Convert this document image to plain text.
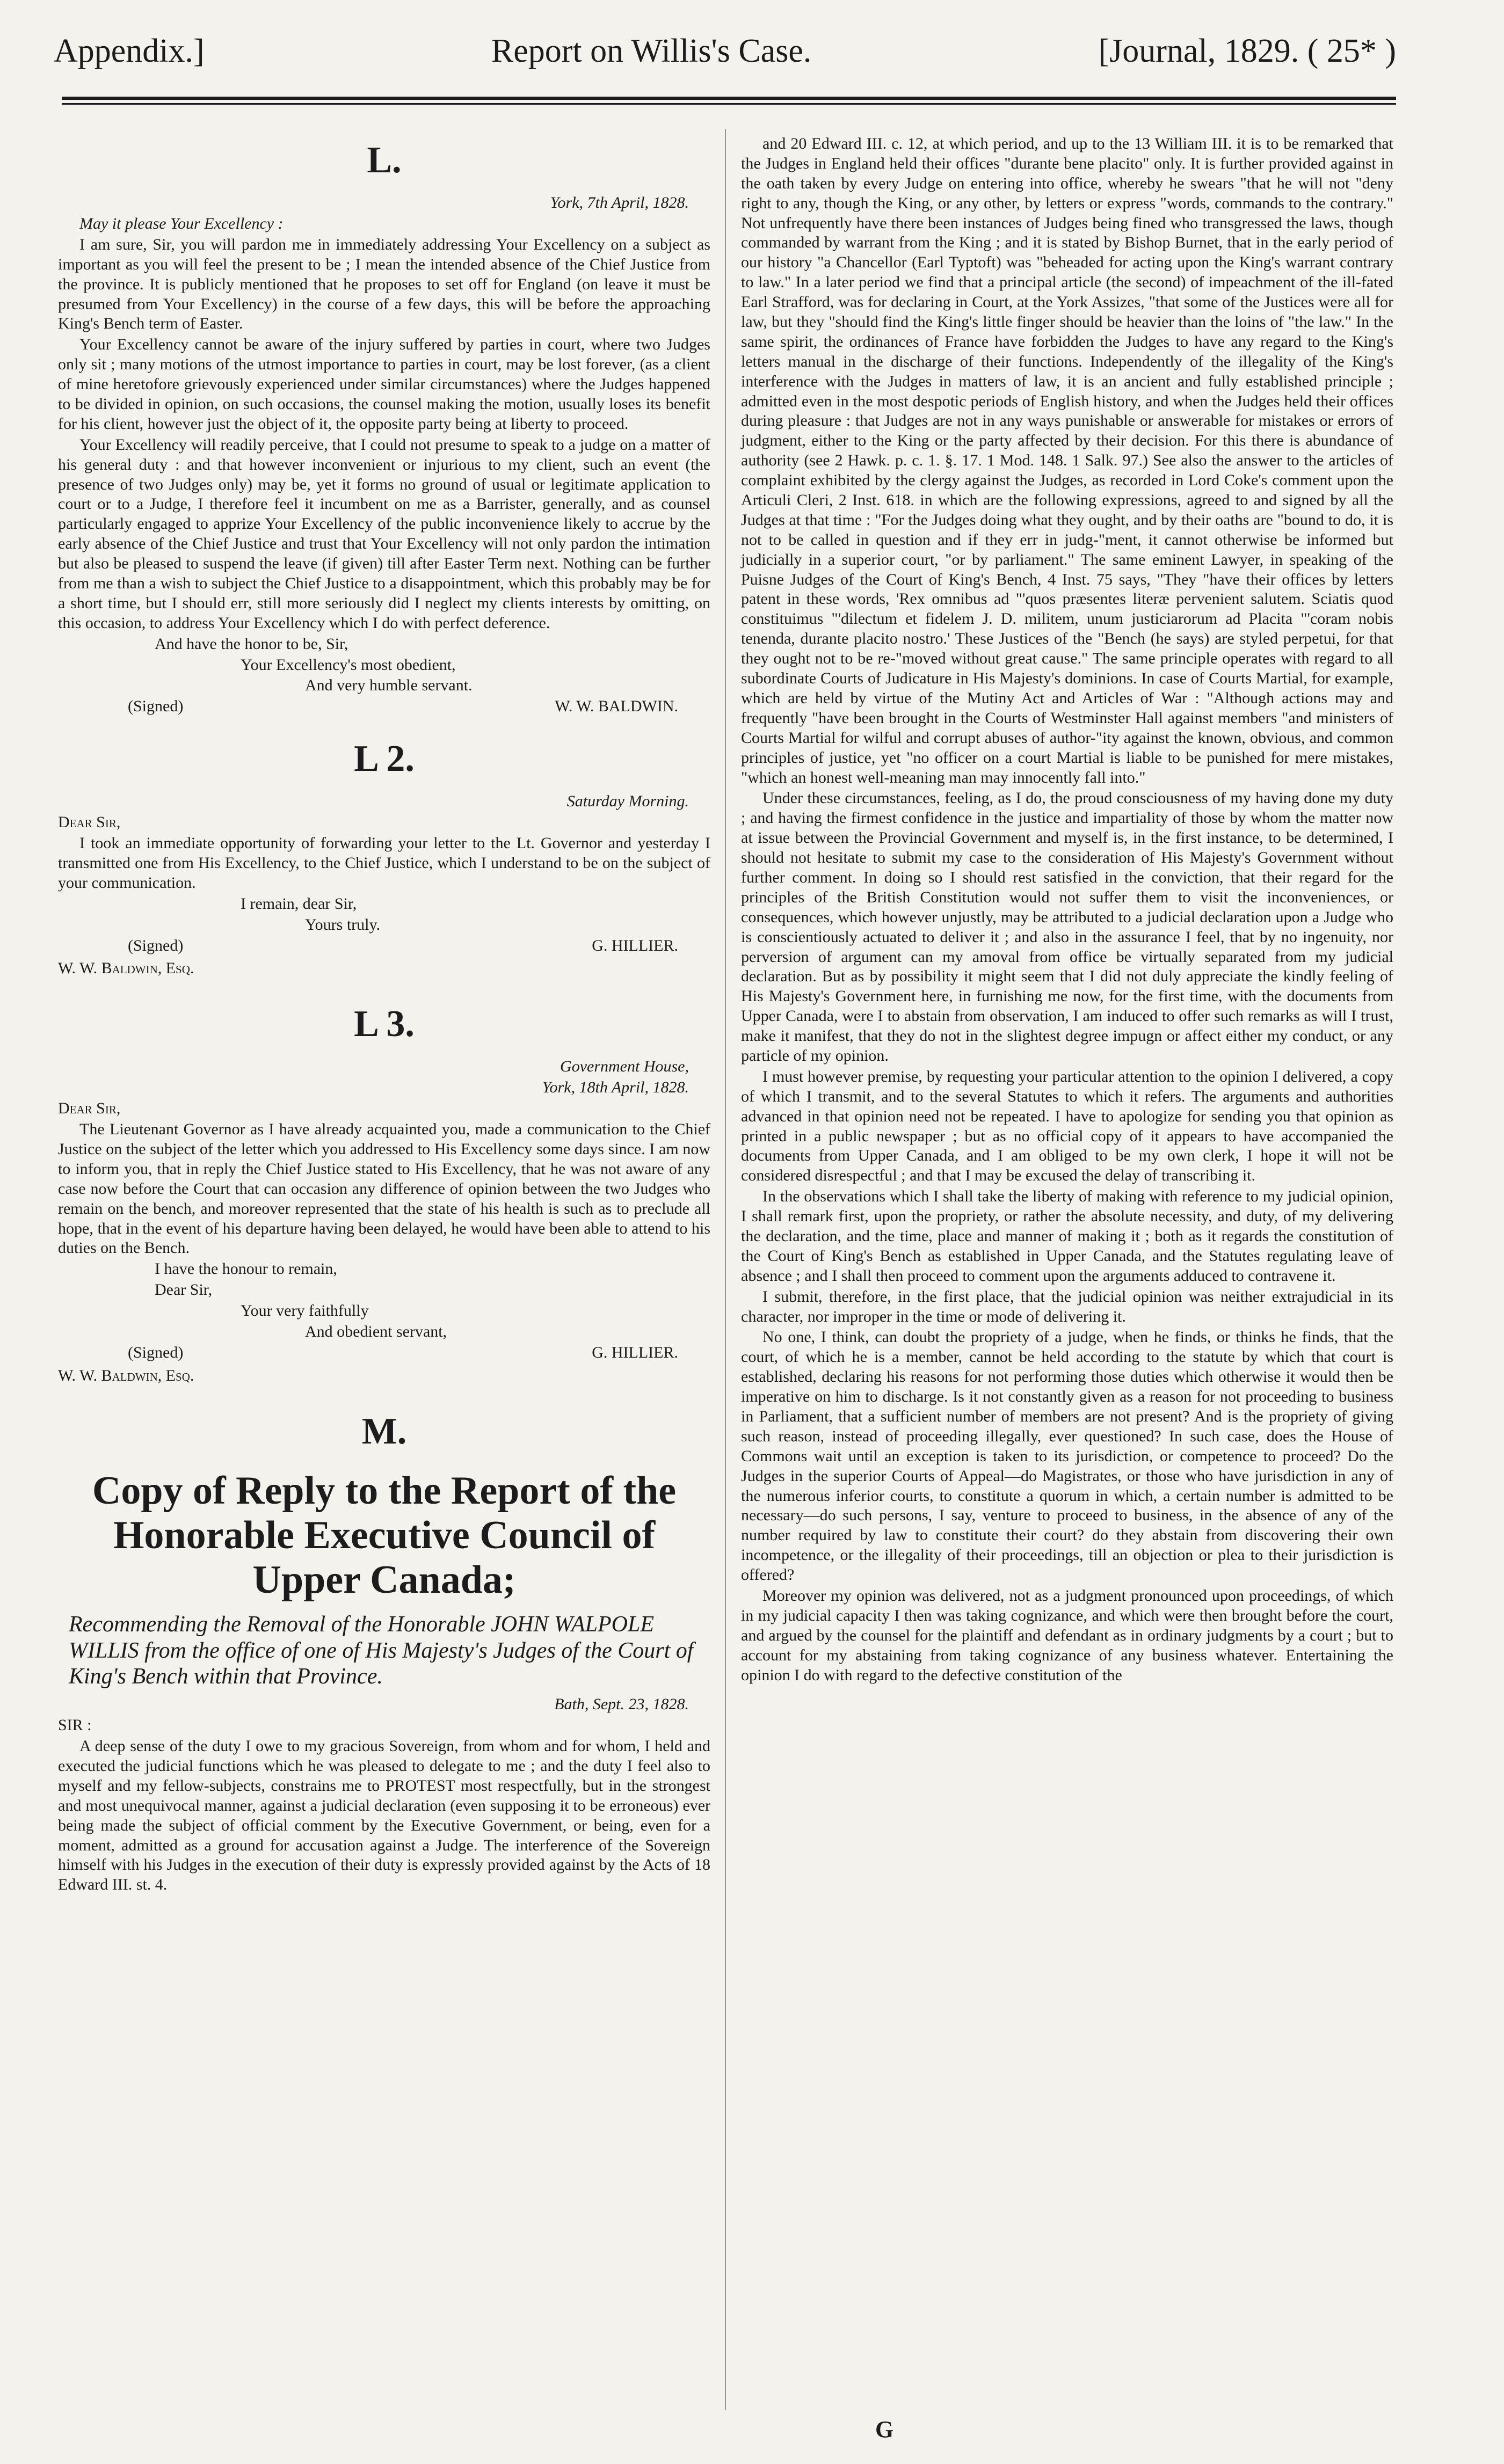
Appendix.]	Report on Willis's Case.	[Journal, 1829. ( 25* )
L.

York, 7th April, 1828.

May it please Your Excellency :

I am sure, Sir, you will pardon me in immediately addressing Your Excellency on a subject as important as you will feel the present to be ; I mean the intended absence of the Chief Justice from the province. It is publicly mentioned that he proposes to set off for England (on leave it must be presumed from Your Excellency) in the course of a few days, this will be before the approaching King's Bench term of Easter.

Your Excellency cannot be aware of the injury suffered by parties in court, where two Judges only sit ; many motions of the utmost importance to parties in court, may be lost forever, (as a client of mine heretofore grievously experienced under similar circumstances) where the Judges happened to be divided in opinion, on such occasions, the counsel making the motion, usually loses its benefit for his client, however just the object of it, the opposite party being at liberty to proceed.

Your Excellency will readily perceive, that I could not presume to speak to a judge on a matter of his general duty : and that however inconvenient or injurious to my client, such an event (the presence of two Judges only) may be, yet it forms no ground of usual or legitimate application to court or to a Judge, I therefore feel it incumbent on me as a Barrister, generally, and as counsel particularly engaged to apprize Your Excellency of the public inconvenience likely to accrue by the early absence of the Chief Justice and trust that Your Excellency will not only pardon the intimation but also be pleased to suspend the leave (if given) till after Easter Term next. Nothing can be further from me than a wish to subject the Chief Justice to a disappointment, which this probably may be for a short time, but I should err, still more seriously did I neglect my clients interests by omitting, on this occasion, to address Your Excellency which I do with perfect deference.

And have the honor to be, Sir,

Your Excellency's most obedient,

And very humble servant.

(Signed)	W. W. BALDWIN.
L 2.

Saturday Morning.

Dear Sir,

I took an immediate opportunity of forwarding your letter to the Lt. Governor and yesterday I transmitted one from His Excellency, to the Chief Justice, which I understand to be on the subject of your communication.

I remain, dear Sir,

Yours truly.

(Signed)	G. HILLIER.

W. W. Baldwin, Esq.

L 3.

Government House,

York, 18th April, 1828.

Dear Sir,

The Lieutenant Governor as I have already acquainted you, made a communication to the Chief Justice on the subject of the letter which you addressed to His Excellency some days since. I am now to inform you, that in reply the Chief Justice stated to His Excellency, that he was not aware of any case now before the Court that can occasion any difference of opinion between the two Judges who remain on the bench, and moreover represented that the state of his health is such as to preclude all hope, that in the event of his departure having been delayed, he would have been able to attend to his duties on the Bench.

I have the honour to remain,

Dear Sir,

Your very faithfully

And obedient servant,

(Signed)	G. HILLIER.

W. W. Baldwin, Esq.

M.
Copy of Reply to the Report of the Honorable Executive Council of Upper Canada;

Recommending the Removal of the Honorable JOHN WALPOLE WILLIS from the office of one of His Majesty's Judges of the Court of King's Bench within that Province.

Bath, Sept. 23, 1828.

SIR :

A deep sense of the duty I owe to my gracious Sovereign, from whom and for whom, I held and executed the judicial functions which he was pleased to delegate to me ; and the duty I feel also to myself and my fellow-subjects, constrains me to PROTEST most respectfully, but in the strongest and most unequivocal manner, against a judicial declaration (even supposing it to be erroneous) ever being made the subject of official comment by the Executive Government, or being, even for a moment, admitted as a ground for accusation against a Judge. The interference of the Sovereign himself with his Judges in the execution of their duty is expressly provided against by the Acts of 18 Edward III. st. 4.

and 20 Edward III. c. 12, at which period, and up to the 13 William III. it is to be remarked that the Judges in England held their offices "durante bene placito" only. It is further provided against in the oath taken by every Judge on entering into office, whereby he swears "that he will not "deny right to any, though the King, or any other, by letters or express "words, commands to the contrary." Not unfrequently have there been instances of Judges being fined who transgressed the laws, though commanded by warrant from the King ; and it is stated by Bishop Burnet, that in the early period of our history "a Chancellor (Earl Typtoft) was "beheaded for acting upon the King's warrant contrary to law." In a later period we find that a principal article (the second) of impeachment of the ill-fated Earl Strafford, was for declaring in Court, at the York Assizes, "that some of the Justices were all for law, but they "should find the King's little finger should be heavier than the loins of "the law." In the same spirit, the ordinances of France have forbidden the Judges to have any regard to the King's letters manual in the discharge of their functions. Independently of the illegality of the King's interference with the Judges in matters of law, it is an ancient and fully established principle ; admitted even in the most despotic periods of English history, and when the Judges held their offices during pleasure : that Judges are not in any ways punishable or answerable for mistakes or errors of judgment, either to the King or the party affected by their decision. For this there is abundance of authority (see 2 Hawk. p. c. 1. §. 17. 1 Mod. 148. 1 Salk. 97.) See also the answer to the articles of complaint exhibited by the clergy against the Judges, as recorded in Lord Coke's comment upon the Articuli Cleri, 2 Inst. 618. in which are the following expressions, agreed to and signed by all the Judges at that time : "For the Judges doing what they ought, and by their oaths are "bound to do, it is not to be called in question and if they err in judg-"ment, it cannot otherwise be informed but judicially in a superior court, "or by parliament." The same eminent Lawyer, in speaking of the Puisne Judges of the Court of King's Bench, 4 Inst. 75 says, "They "have their offices by letters patent in these words, 'Rex omnibus ad "'quos præsentes literæ pervenient salutem. Sciatis quod constituimus "'dilectum et fidelem J. D. militem, unum justiciarorum ad Placita "'coram nobis tenenda, durante placito nostro.' These Justices of the "Bench (he says) are styled perpetui, for that they ought not to be re-"moved without great cause." The same principle operates with regard to all subordinate Courts of Judicature in His Majesty's dominions. In case of Courts Martial, for example, which are held by virtue of the Mutiny Act and Articles of War : "Although actions may and frequently "have been brought in the Courts of Westminster Hall against members "and ministers of Courts Martial for wilful and corrupt abuses of author-"ity against the known, obvious, and common principles of justice, yet "no officer on a court Martial is liable to be punished for mere mistakes, "which an honest well-meaning man may innocently fall into."

Under these circumstances, feeling, as I do, the proud consciousness of my having done my duty ; and having the firmest confidence in the justice and impartiality of those by whom the matter now at issue between the Provincial Government and myself is, in the first instance, to be determined, I should not hesitate to submit my case to the consideration of His Majesty's Government without further comment. In doing so I should rest satisfied in the conviction, that their regard for the principles of the British Constitution would not suffer them to visit the inconveniences, or consequences, which however unjustly, may be attributed to a judicial declaration upon a Judge who is conscientiously actuated to deliver it ; and also in the assurance I feel, that by no ingenuity, nor perversion of argument can my amoval from office be virtually separated from my judicial declaration. But as by possibility it might seem that I did not duly appreciate the kindly feeling of His Majesty's Government here, in furnishing me now, for the first time, with the documents from Upper Canada, were I to abstain from observation, I am induced to offer such remarks as will I trust, make it manifest, that they do not in the slightest degree impugn or affect either my conduct, or any particle of my opinion.

I must however premise, by requesting your particular attention to the opinion I delivered, a copy of which I transmit, and to the several Statutes to which it refers. The arguments and authorities advanced in that opinion need not be repeated. I have to apologize for sending you that opinion as printed in a public newspaper ; but as no official copy of it appears to have accompanied the documents from Upper Canada, and I am obliged to be my own clerk, I hope it will not be considered disrespectful ; and that I may be excused the delay of transcribing it.

In the observations which I shall take the liberty of making with reference to my judicial opinion, I shall remark first, upon the propriety, or rather the absolute necessity, and duty, of my delivering the declaration, and the time, place and manner of making it ; both as it regards the constitution of the Court of King's Bench as established in Upper Canada, and the Statutes regulating leave of absence ; and I shall then proceed to comment upon the arguments adduced to contravene it.

I submit, therefore, in the first place, that the judicial opinion was neither extrajudicial in its character, nor improper in the time or mode of delivering it.

No one, I think, can doubt the propriety of a judge, when he finds, or thinks he finds, that the court, of which he is a member, cannot be held according to the statute by which that court is established, declaring his reasons for not performing those duties which otherwise it would then be imperative on him to discharge. Is it not constantly given as a reason for not proceeding to business in Parliament, that a sufficient number of members are not present? And is the propriety of giving such reason, instead of proceeding illegally, ever questioned? In such case, does the House of Commons wait until an exception is taken to its jurisdiction, or competence to proceed? Do the Judges in the superior Courts of Appeal—do Magistrates, or those who have jurisdiction in any of the numerous inferior courts, to constitute a quorum in which, a certain number is admitted to be necessary—do such persons, I say, venture to proceed to business, in the absence of any of the number required by law to constitute their court? do they abstain from discovering their own incompetence, or the illegality of their proceedings, till an objection or plea to their jurisdiction is offered?

Moreover my opinion was delivered, not as a judgment pronounced upon proceedings, of which in my judicial capacity I then was taking cognizance, and which were then brought before the court, and argued by the counsel for the plaintiff and defendant as in ordinary judgments by a court ; but to account for my abstaining from taking cognizance of any business whatever. Entertaining the opinion I do with regard to the defective constitution of the

G
